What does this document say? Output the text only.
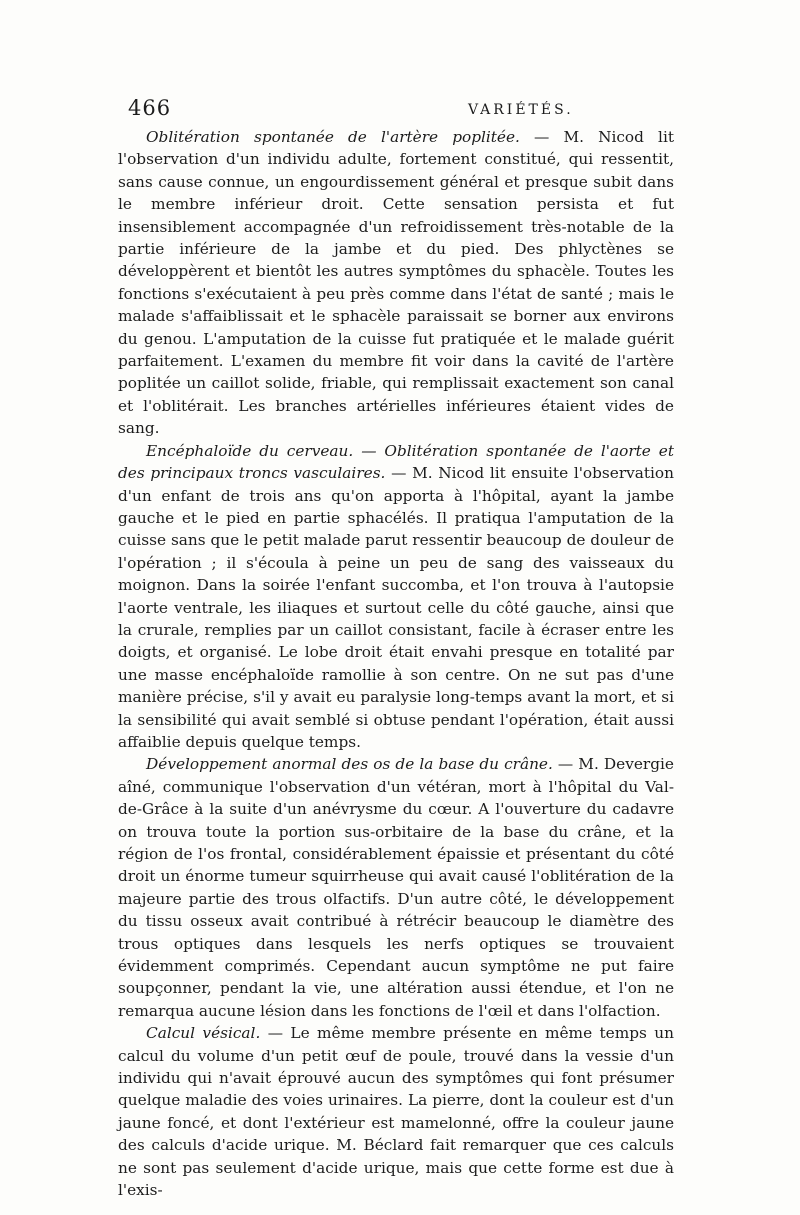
466	VARIÉTÉS.

Oblitération spontanée de l'artère poplitée. — M. Nicod lit l'observation d'un individu adulte, fortement constitué, qui ressentit, sans cause connue, un engourdissement général et presque subit dans le membre inférieur droit. Cette sensation persista et fut insensiblement accompagnée d'un refroidissement très-notable de la partie inférieure de la jambe et du pied. Des phlyctènes se développèrent et bientôt les autres symptômes du sphacèle. Toutes les fonctions s'exécutaient à peu près comme dans l'état de santé ; mais le malade s'affaiblissait et le sphacèle paraissait se borner aux environs du genou. L'amputation de la cuisse fut pratiquée et le malade guérit parfaitement. L'examen du membre fit voir dans la cavité de l'artère poplitée un caillot solide, friable, qui remplissait exactement son canal et l'oblitérait. Les branches artérielles inférieures étaient vides de sang.

Encéphaloïde du cerveau. — Oblitération spontanée de l'aorte et des principaux troncs vasculaires. — M. Nicod lit ensuite l'observation d'un enfant de trois ans qu'on apporta à l'hôpital, ayant la jambe gauche et le pied en partie sphacélés. Il pratiqua l'amputation de la cuisse sans que le petit malade parut ressentir beaucoup de douleur de l'opération ; il s'écoula à peine un peu de sang des vaisseaux du moignon. Dans la soirée l'enfant succomba, et l'on trouva à l'autopsie l'aorte ventrale, les iliaques et surtout celle du côté gauche, ainsi que la crurale, remplies par un caillot consistant, facile à écraser entre les doigts, et organisé. Le lobe droit était envahi presque en totalité par une masse encéphaloïde ramollie à son centre. On ne sut pas d'une manière précise, s'il y avait eu paralysie long-temps avant la mort, et si la sensibilité qui avait semblé si obtuse pendant l'opération, était aussi affaiblie depuis quelque temps.

Développement anormal des os de la base du crâne. — M. Devergie aîné, communique l'observation d'un vétéran, mort à l'hôpital du Val-de-Grâce à la suite d'un anévrysme du cœur. A l'ouverture du cadavre on trouva toute la portion sus-orbitaire de la base du crâne, et la région de l'os frontal, considérablement épaissie et présentant du côté droit un énorme tumeur squirrheuse qui avait causé l'oblitération de la majeure partie des trous olfactifs. D'un autre côté, le développement du tissu osseux avait contribué à rétrécir beaucoup le diamètre des trous optiques dans lesquels les nerfs optiques se trouvaient évidemment comprimés. Cependant aucun symptôme ne put faire soupçonner, pendant la vie, une altération aussi étendue, et l'on ne remarqua aucune lésion dans les fonctions de l'œil et dans l'olfaction.

Calcul vésical. — Le même membre présente en même temps un calcul du volume d'un petit œuf de poule, trouvé dans la vessie d'un individu qui n'avait éprouvé aucun des symptômes qui font présumer quelque maladie des voies urinaires. La pierre, dont la couleur est d'un jaune foncé, et dont l'extérieur est mamelonné, offre la couleur jaune des calculs d'acide urique. M. Béclard fait remarquer que ces calculs ne sont pas seulement d'acide urique, mais que cette forme est due à l'exis-
